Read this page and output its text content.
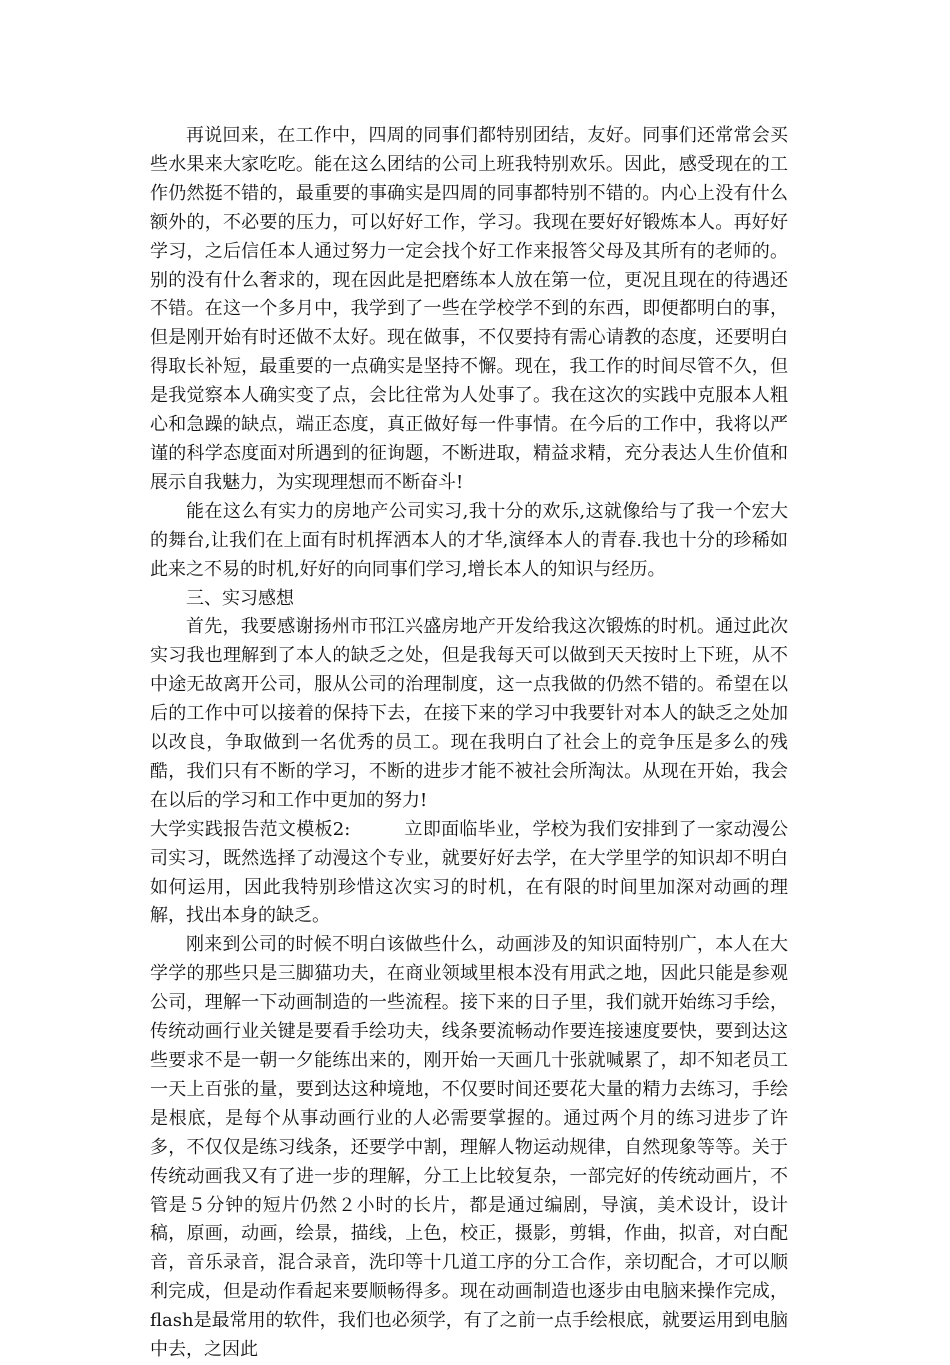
再说回来，在工作中，四周的同事们都特别团结，友好。同事们还常常会买些水果来大家吃吃。能在这么团结的公司上班我特别欢乐。因此，感受现在的工作仍然挺不错的，最重要的事确实是四周的同事都特别不错的。内心上没有什么额外的，不必要的压力，可以好好工作，学习。我现在要好好锻炼本人。再好好学习，之后信任本人通过努力一定会找个好工作来报答父母及其所有的老师的。别的没有什么奢求的，现在因此是把磨练本人放在第一位，更况且现在的待遇还不错。在这一个多月中，我学到了一些在学校学不到的东西，即便都明白的事，但是刚开始有时还做不太好。现在做事，不仅要持有需心请教的态度，还要明白得取长补短，最重要的一点确实是坚持不懈。现在，我工作的时间尽管不久，但是我觉察本人确实变了点，会比往常为人处事了。我在这次的实践中克服本人粗心和急躁的缺点，端正态度，真正做好每一件事情。在今后的工作中，我将以严谨的科学态度面对所遇到的征询题，不断进取，精益求精，充分表达人生价值和展示自我魅力，为实现理想而不断奋斗!

能在这么有实力的房地产公司实习,我十分的欢乐,这就像给与了我一个宏大的舞台,让我们在上面有时机挥洒本人的才华,演绎本人的青春.我也十分的珍稀如此来之不易的时机,好好的向同事们学习,增长本人的知识与经历。

三、实习感想

首先，我要感谢扬州市邗江兴盛房地产开发给我这次锻炼的时机。通过此次实习我也理解到了本人的缺乏之处，但是我每天可以做到天天按时上下班，从不中途无故离开公司，服从公司的治理制度，这一点我做的仍然不错的。希望在以后的工作中可以接着的保持下去，在接下来的学习中我要针对本人的缺乏之处加以改良，争取做到一名优秀的员工。现在我明白了社会上的竞争压是多么的残酷，我们只有不断的学习，不断的进步才能不被社会所淘汰。从现在开始，我会在以后的学习和工作中更加的努力!

大学实践报告范文模板2:	立即面临毕业，学校为我们安排到了一家动漫公司实习，既然选择了动漫这个专业，就要好好去学，在大学里学的知识却不明白如何运用，因此我特别珍惜这次实习的时机，在有限的时间里加深对动画的理解，找出本身的缺乏。

刚来到公司的时候不明白该做些什么，动画涉及的知识面特别广，本人在大学学的那些只是三脚猫功夫，在商业领域里根本没有用武之地，因此只能是参观公司，理解一下动画制造的一些流程。接下来的日子里，我们就开始练习手绘，传统动画行业关键是要看手绘功夫，线条要流畅动作要连接速度要快，要到达这些要求不是一朝一夕能练出来的，刚开始一天画几十张就喊累了，却不知老员工一天上百张的量，要到达这种境地，不仅要时间还要花大量的精力去练习，手绘是根底，是每个从事动画行业的人必需要掌握的。通过两个月的练习进步了许多，不仅仅是练习线条，还要学中割，理解人物运动规律，自然现象等等。关于传统动画我又有了进一步的理解，分工上比较复杂，一部完好的传统动画片，不管是５分钟的短片仍然２小时的长片，都是通过编剧，导演，美术设计，设计稿，原画，动画，绘景，描线，上色，校正，摄影，剪辑，作曲，拟音，对白配音，音乐录音，混合录音，洗印等十几道工序的分工合作，亲切配合，才可以顺利完成，但是动作看起来要顺畅得多。现在动画制造也逐步由电脑来操作完成，flash是最常用的软件，我们也必须学，有了之前一点手绘根底，就要运用到电脑中去，之因此
